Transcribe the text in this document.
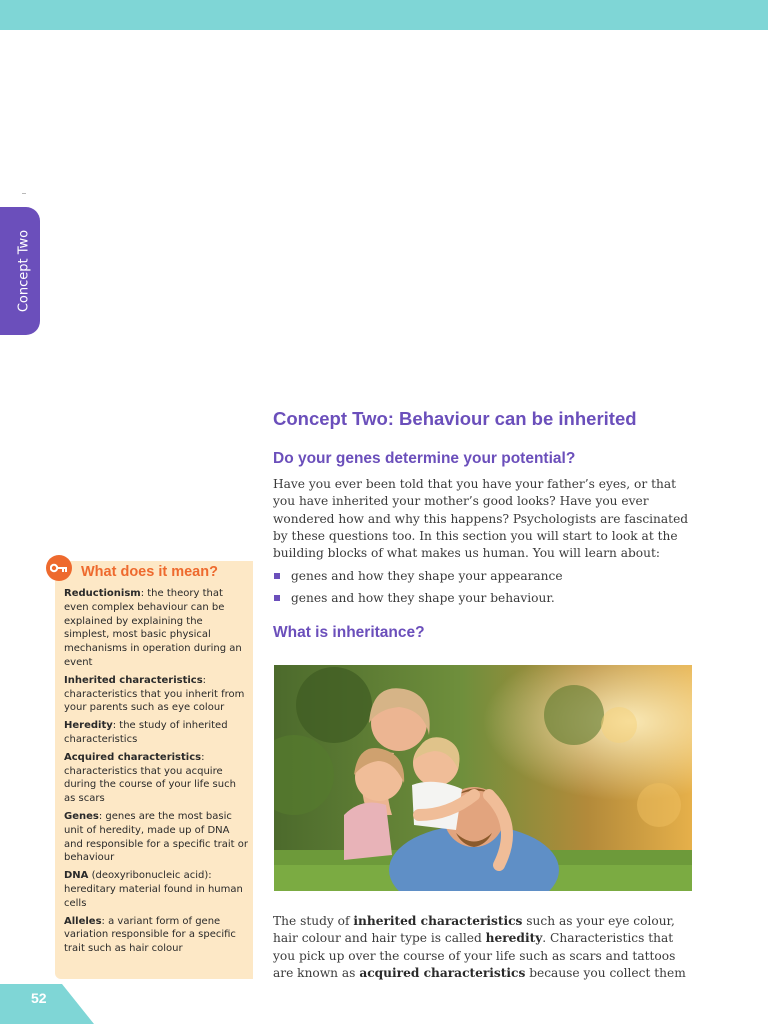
Concept Two
Concept Two: Behaviour can be inherited
Do your genes determine your potential?
Have you ever been told that you have your father’s eyes, or that you have inherited your mother’s good looks? Have you ever wondered how and why this happens? Psychologists are fascinated by these questions too. In this section you will start to look at the building blocks of what makes us human. You will learn about:
genes and how they shape your appearance
genes and how they shape your behaviour.
What is inheritance?
The study of inherited characteristics such as your eye colour, hair colour and hair type is called heredity. Characteristics that you pick up over the course of your life such as scars and tattoos are known as acquired characteristics because you collect them
What does it mean?
Reductionism: the theory that even complex behaviour can be explained by explaining the simplest, most basic physical mechanisms in operation during an event
Inherited characteristics: characteristics that you inherit from your parents such as eye colour
Heredity: the study of inherited characteristics
Acquired characteristics: characteristics that you acquire during the course of your life such as scars
Genes: genes are the most basic unit of heredity, made up of DNA and responsible for a specific trait or behaviour
DNA (deoxyribonucleic acid): hereditary material found in human cells
Alleles: a variant form of gene variation responsible for a specific trait such as hair colour
52
